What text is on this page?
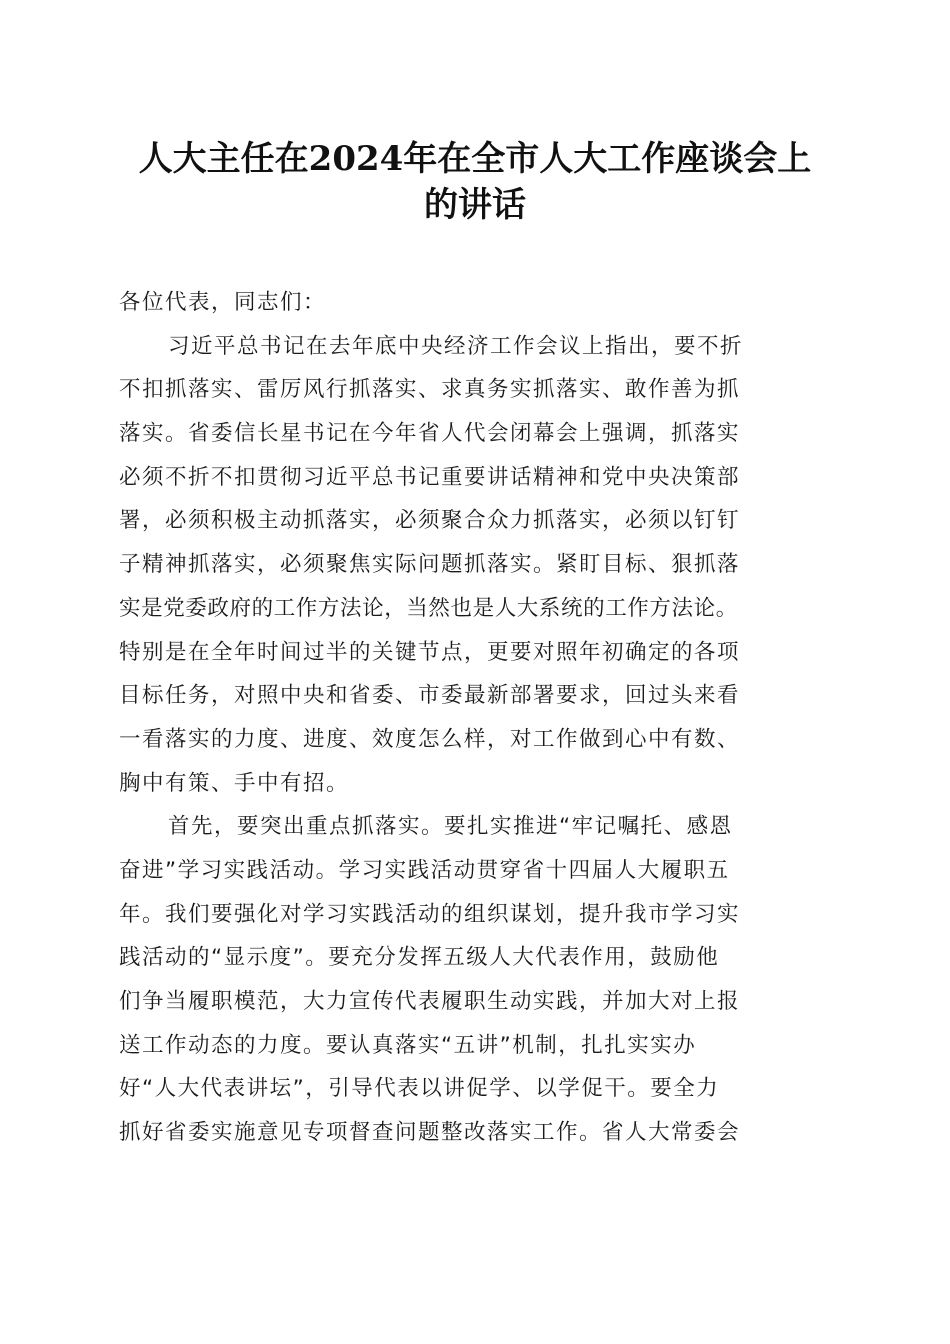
人大主任在2024年在全市人大工作座谈会上
的讲话
各位代表，同志们：
习近平总书记在去年底中央经济工作会议上指出，要不折
不扣抓落实、雷厉风行抓落实、求真务实抓落实、敢作善为抓
落实。省委信长星书记在今年省人代会闭幕会上强调，抓落实
必须不折不扣贯彻习近平总书记重要讲话精神和党中央决策部
署，必须积极主动抓落实，必须聚合众力抓落实，必须以钉钉
子精神抓落实，必须聚焦实际问题抓落实。紧盯目标、狠抓落
实是党委政府的工作方法论，当然也是人大系统的工作方法论。
特别是在全年时间过半的关键节点，更要对照年初确定的各项
目标任务，对照中央和省委、市委最新部署要求，回过头来看
一看落实的力度、进度、效度怎么样，对工作做到心中有数、
胸中有策、手中有招。
首先，要突出重点抓落实。要扎实推进“牢记嘱托、感恩
奋进”学习实践活动。学习实践活动贯穿省十四届人大履职五
年。我们要强化对学习实践活动的组织谋划，提升我市学习实
践活动的“显示度”。要充分发挥五级人大代表作用，鼓励他
们争当履职模范，大力宣传代表履职生动实践，并加大对上报
送工作动态的力度。要认真落实“五讲”机制，扎扎实实办
好“人大代表讲坛”，引导代表以讲促学、以学促干。要全力
抓好省委实施意见专项督查问题整改落实工作。省人大常委会
